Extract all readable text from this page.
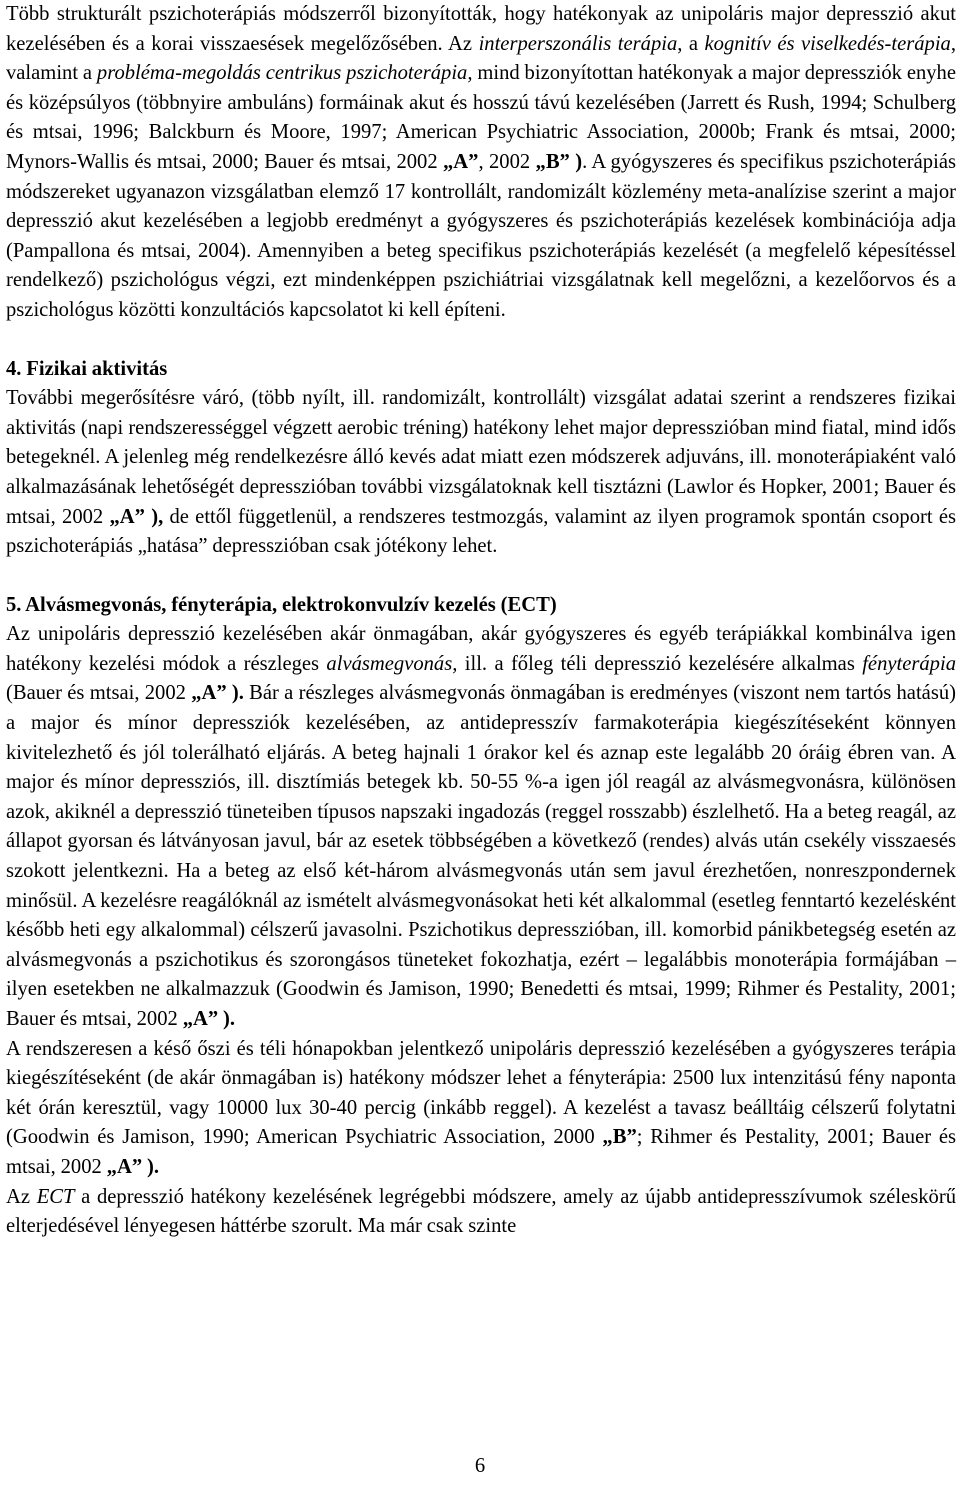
Több strukturált pszichoterápiás módszerről bizonyították, hogy hatékonyak az unipoláris major depresszió akut kezelésében és a korai visszaesések megelőzősében. Az interperszonális terápia, a kognitív és viselkedés-terápia, valamint a probléma-megoldás centrikus pszichoterápia, mind bizonyítottan hatékonyak a major depressziók enyhe és középsúlyos (többnyire ambuláns) formáinak akut és hosszú távú kezelésében (Jarrett és Rush, 1994; Schulberg és mtsai, 1996; Balckburn és Moore, 1997; American Psychiatric Association, 2000b; Frank és mtsai, 2000; Mynors-Wallis és mtsai, 2000; Bauer és mtsai, 2002 „A”, 2002 „B” ). A gyógyszeres és specifikus pszichoterápiás módszereket ugyanazon vizsgálatban elemző 17 kontrollált, randomizált közlemény meta-analízise szerint a major depresszió akut kezelésében a legjobb eredményt a gyógyszeres és pszichoterápiás kezelések kombinációja adja (Pampallona és mtsai, 2004). Amennyiben a beteg specifikus pszichoterápiás kezelését (a megfelelő képesítéssel rendelkező) pszichológus végzi, ezt mindenképpen pszichiátriai vizsgálatnak kell megelőzni, a kezelőorvos és a pszichológus közötti konzultációs kapcsolatot ki kell építeni.

4. Fizikai aktivitás

További megerősítésre váró, (több nyílt, ill. randomizált, kontrollált) vizsgálat adatai szerint a rendszeres fizikai aktivitás (napi rendszerességgel végzett aerobic tréning) hatékony lehet major depresszióban mind fiatal, mind idős betegeknél. A jelenleg még rendelkezésre álló kevés adat miatt ezen módszerek adjuváns, ill. monoterápiaként való alkalmazásának lehetőségét depresszióban további vizsgálatoknak kell tisztázni (Lawlor és Hopker, 2001; Bauer és mtsai, 2002 „A” ), de ettől függetlenül, a rendszeres testmozgás, valamint az ilyen programok spontán csoport és pszichoterápiás „hatása” depresszióban csak jótékony lehet.

5. Alvásmegvonás, fényterápia, elektrokonvulzív kezelés (ECT)

Az unipoláris depresszió kezelésében akár önmagában, akár gyógyszeres és egyéb terápiákkal kombinálva igen hatékony kezelési módok a részleges alvásmegvonás, ill. a főleg téli depresszió kezelésére alkalmas fényterápia (Bauer és mtsai, 2002 „A” ). Bár a részleges alvásmegvonás önmagában is eredményes (viszont nem tartós hatású) a major és mínor depressziók kezelésében, az antidepresszív farmakoterápia kiegészítéseként könnyen kivitelezhető és jól tolerálható eljárás. A beteg hajnali 1 órakor kel és aznap este legalább 20 óráig ébren van. A major és mínor depressziós, ill. disztímiás betegek kb. 50-55 %-a igen jól reagál az alvásmegvonásra, különösen azok, akiknél a depresszió tüneteiben típusos napszaki ingadozás (reggel rosszabb) észlelhető. Ha a beteg reagál, az állapot gyorsan és látványosan javul, bár az esetek többségében a következő (rendes) alvás után csekély visszaesés szokott jelentkezni. Ha a beteg az első két-három alvásmegvonás után sem javul érezhetően, nonreszpondernek minősül. A kezelésre reagálóknál az ismételt alvásmegvonásokat heti két alkalommal (esetleg fenntartó kezelésként később heti egy alkalommal) célszerű javasolni. Pszichotikus depresszióban, ill. komorbid pánikbetegség esetén az alvásmegvonás a pszichotikus és szorongásos tüneteket fokozhatja, ezért – legalábbis monoterápia formájában – ilyen esetekben ne alkalmazzuk (Goodwin és Jamison, 1990; Benedetti és mtsai, 1999; Rihmer és Pestality, 2001; Bauer és mtsai, 2002 „A” ).

A rendszeresen a késő őszi és téli hónapokban jelentkező unipoláris depresszió kezelésében a gyógyszeres terápia kiegészítéseként (de akár önmagában is) hatékony módszer lehet a fényterápia: 2500 lux intenzitású fény naponta két órán keresztül, vagy 10000 lux 30-40 percig (inkább reggel). A kezelést a tavasz beálltáig célszerű folytatni (Goodwin és Jamison, 1990; American Psychiatric Association, 2000 „B”; Rihmer és Pestality, 2001; Bauer és mtsai, 2002 „A” ).

Az ECT a depresszió hatékony kezelésének legrégebbi módszere, amely az újabb antidepresszívumok széleskörű elterjedésével lényegesen háttérbe szorult. Ma már csak szinte

6
